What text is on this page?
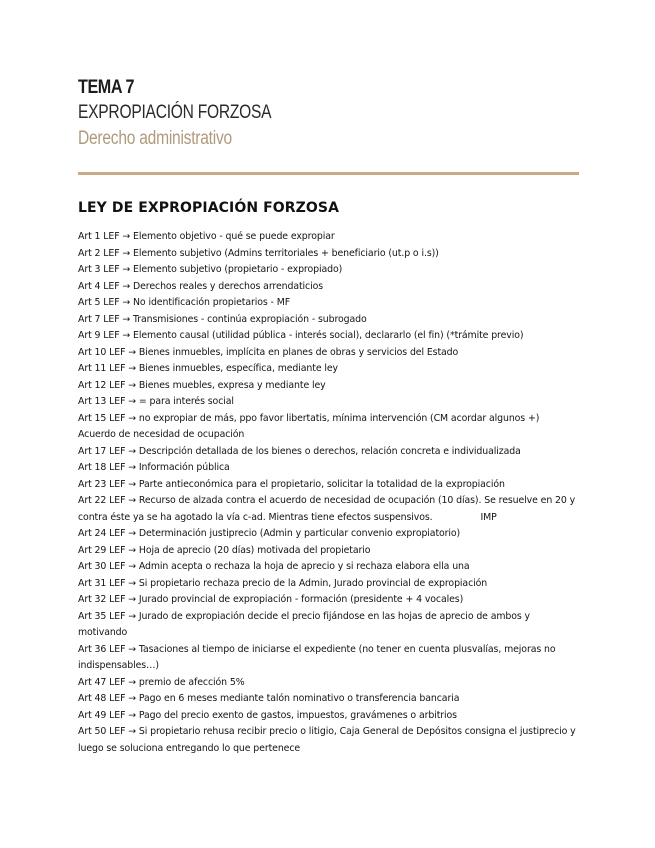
TEMA 7
EXPROPIACIÓN FORZOSA
Derecho administrativo
LEY DE EXPROPIACIÓN FORZOSA
Art 1 LEF → Elemento objetivo - qué se puede expropiar
Art 2 LEF → Elemento subjetivo (Admins territoriales + beneficiario (ut.p o i.s))
Art 3 LEF → Elemento subjetivo (propietario - expropiado)
Art 4 LEF → Derechos reales y derechos arrendaticios
Art 5 LEF → No identificación propietarios - MF
Art 7 LEF → Transmisiones - continúa expropiación - subrogado
Art 9 LEF → Elemento causal (utilidad pública - interés social), declararlo (el fin) (*trámite previo)
Art 10 LEF → Bienes inmuebles, implícita en planes de obras y servicios del Estado
Art 11 LEF → Bienes inmuebles, específica, mediante ley
Art 12 LEF → Bienes muebles, expresa y mediante ley
Art 13 LEF → = para interés social
Art 15 LEF → no expropiar de más, ppo favor libertatis, mínima intervención (CM acordar algunos +)
Acuerdo de necesidad de ocupación
Art 17 LEF → Descripción detallada de los bienes o derechos, relación concreta e individualizada
Art 18 LEF → Información pública
Art 23 LEF → Parte antieconómica para el propietario, solicitar la totalidad de la expropiación
Art 22 LEF → Recurso de alzada contra el acuerdo de necesidad de ocupación (10 días). Se resuelve en 20 y contra éste ya se ha agotado la vía c-ad. Mientras tiene efectos suspensivos.	IMP
Art 24 LEF → Determinación justiprecio (Admin y particular convenio expropiatorio)
Art 29 LEF → Hoja de aprecio (20 días) motivada del propietario
Art 30 LEF → Admin acepta o rechaza la hoja de aprecio y si rechaza elabora ella una
Art 31 LEF → Si propietario rechaza precio de la Admin, Jurado provincial de expropiación
Art 32 LEF → Jurado provincial de expropiación - formación (presidente + 4 vocales)
Art 35 LEF → Jurado de expropiación decide el precio fijándose en las hojas de aprecio de ambos y motivando
Art 36 LEF → Tasaciones al tiempo de iniciarse el expediente (no tener en cuenta plusvalías, mejoras no indispensables…)
Art 47 LEF → premio de afección 5%
Art 48 LEF → Pago en 6 meses mediante talón nominativo o transferencia bancaria
Art 49 LEF → Pago del precio exento de gastos, impuestos, gravámenes o arbitrios
Art 50 LEF → Si propietario rehusa recibir precio o litigio, Caja General de Depósitos consigna el justiprecio y luego se soluciona entregando lo que pertenece
